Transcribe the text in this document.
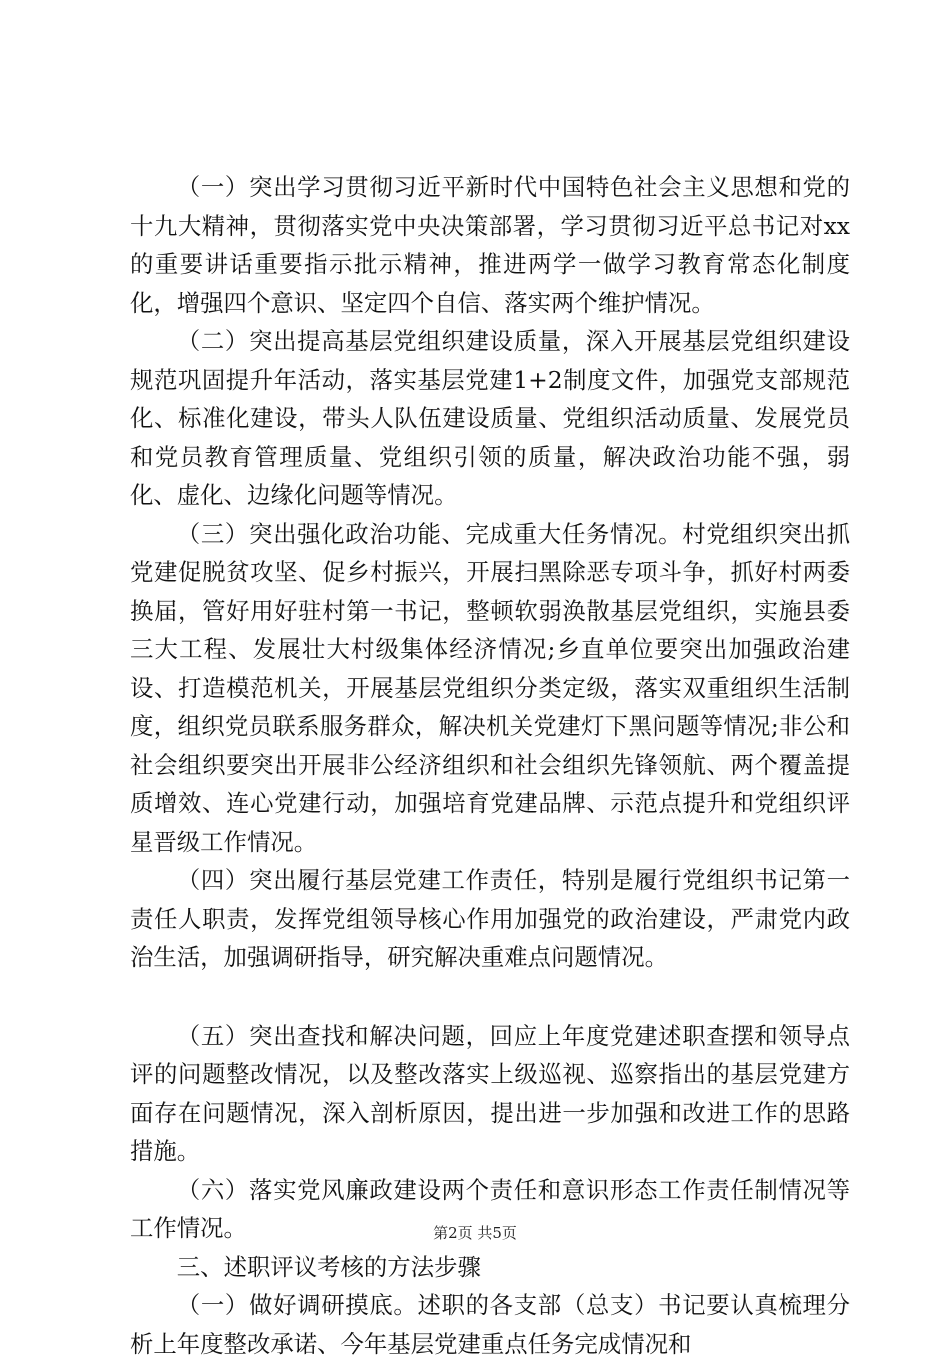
（一）突出学习贯彻习近平新时代中国特色社会主义思想和党的十九大精神，贯彻落实党中央决策部署，学习贯彻习近平总书记对xx的重要讲话重要指示批示精神，推进两学一做学习教育常态化制度化，增强四个意识、坚定四个自信、落实两个维护情况。

（二）突出提高基层党组织建设质量，深入开展基层党组织建设规范巩固提升年活动，落实基层党建1+2制度文件，加强党支部规范化、标准化建设，带头人队伍建设质量、党组织活动质量、发展党员和党员教育管理质量、党组织引领的质量，解决政治功能不强，弱化、虚化、边缘化问题等情况。

（三）突出强化政治功能、完成重大任务情况。村党组织突出抓党建促脱贫攻坚、促乡村振兴，开展扫黑除恶专项斗争，抓好村两委换届，管好用好驻村第一书记，整顿软弱涣散基层党组织，实施县委三大工程、发展壮大村级集体经济情况;乡直单位要突出加强政治建设、打造模范机关，开展基层党组织分类定级，落实双重组织生活制度，组织党员联系服务群众，解决机关党建灯下黑问题等情况;非公和社会组织要突出开展非公经济组织和社会组织先锋领航、两个覆盖提质增效、连心党建行动，加强培育党建品牌、示范点提升和党组织评星晋级工作情况。

（四）突出履行基层党建工作责任，特别是履行党组织书记第一责任人职责，发挥党组领导核心作用加强党的政治建设，严肃党内政治生活，加强调研指导，研究解决重难点问题情况。

（五）突出查找和解决问题，回应上年度党建述职查摆和领导点评的问题整改情况，以及整改落实上级巡视、巡察指出的基层党建方面存在问题情况，深入剖析原因，提出进一步加强和改进工作的思路措施。

（六）落实党风廉政建设两个责任和意识形态工作责任制情况等工作情况。

三、述职评议考核的方法步骤

（一）做好调研摸底。述职的各支部（总支）书记要认真梳理分析上年度整改承诺、今年基层党建重点任务完成情况和

第2页 共5页
